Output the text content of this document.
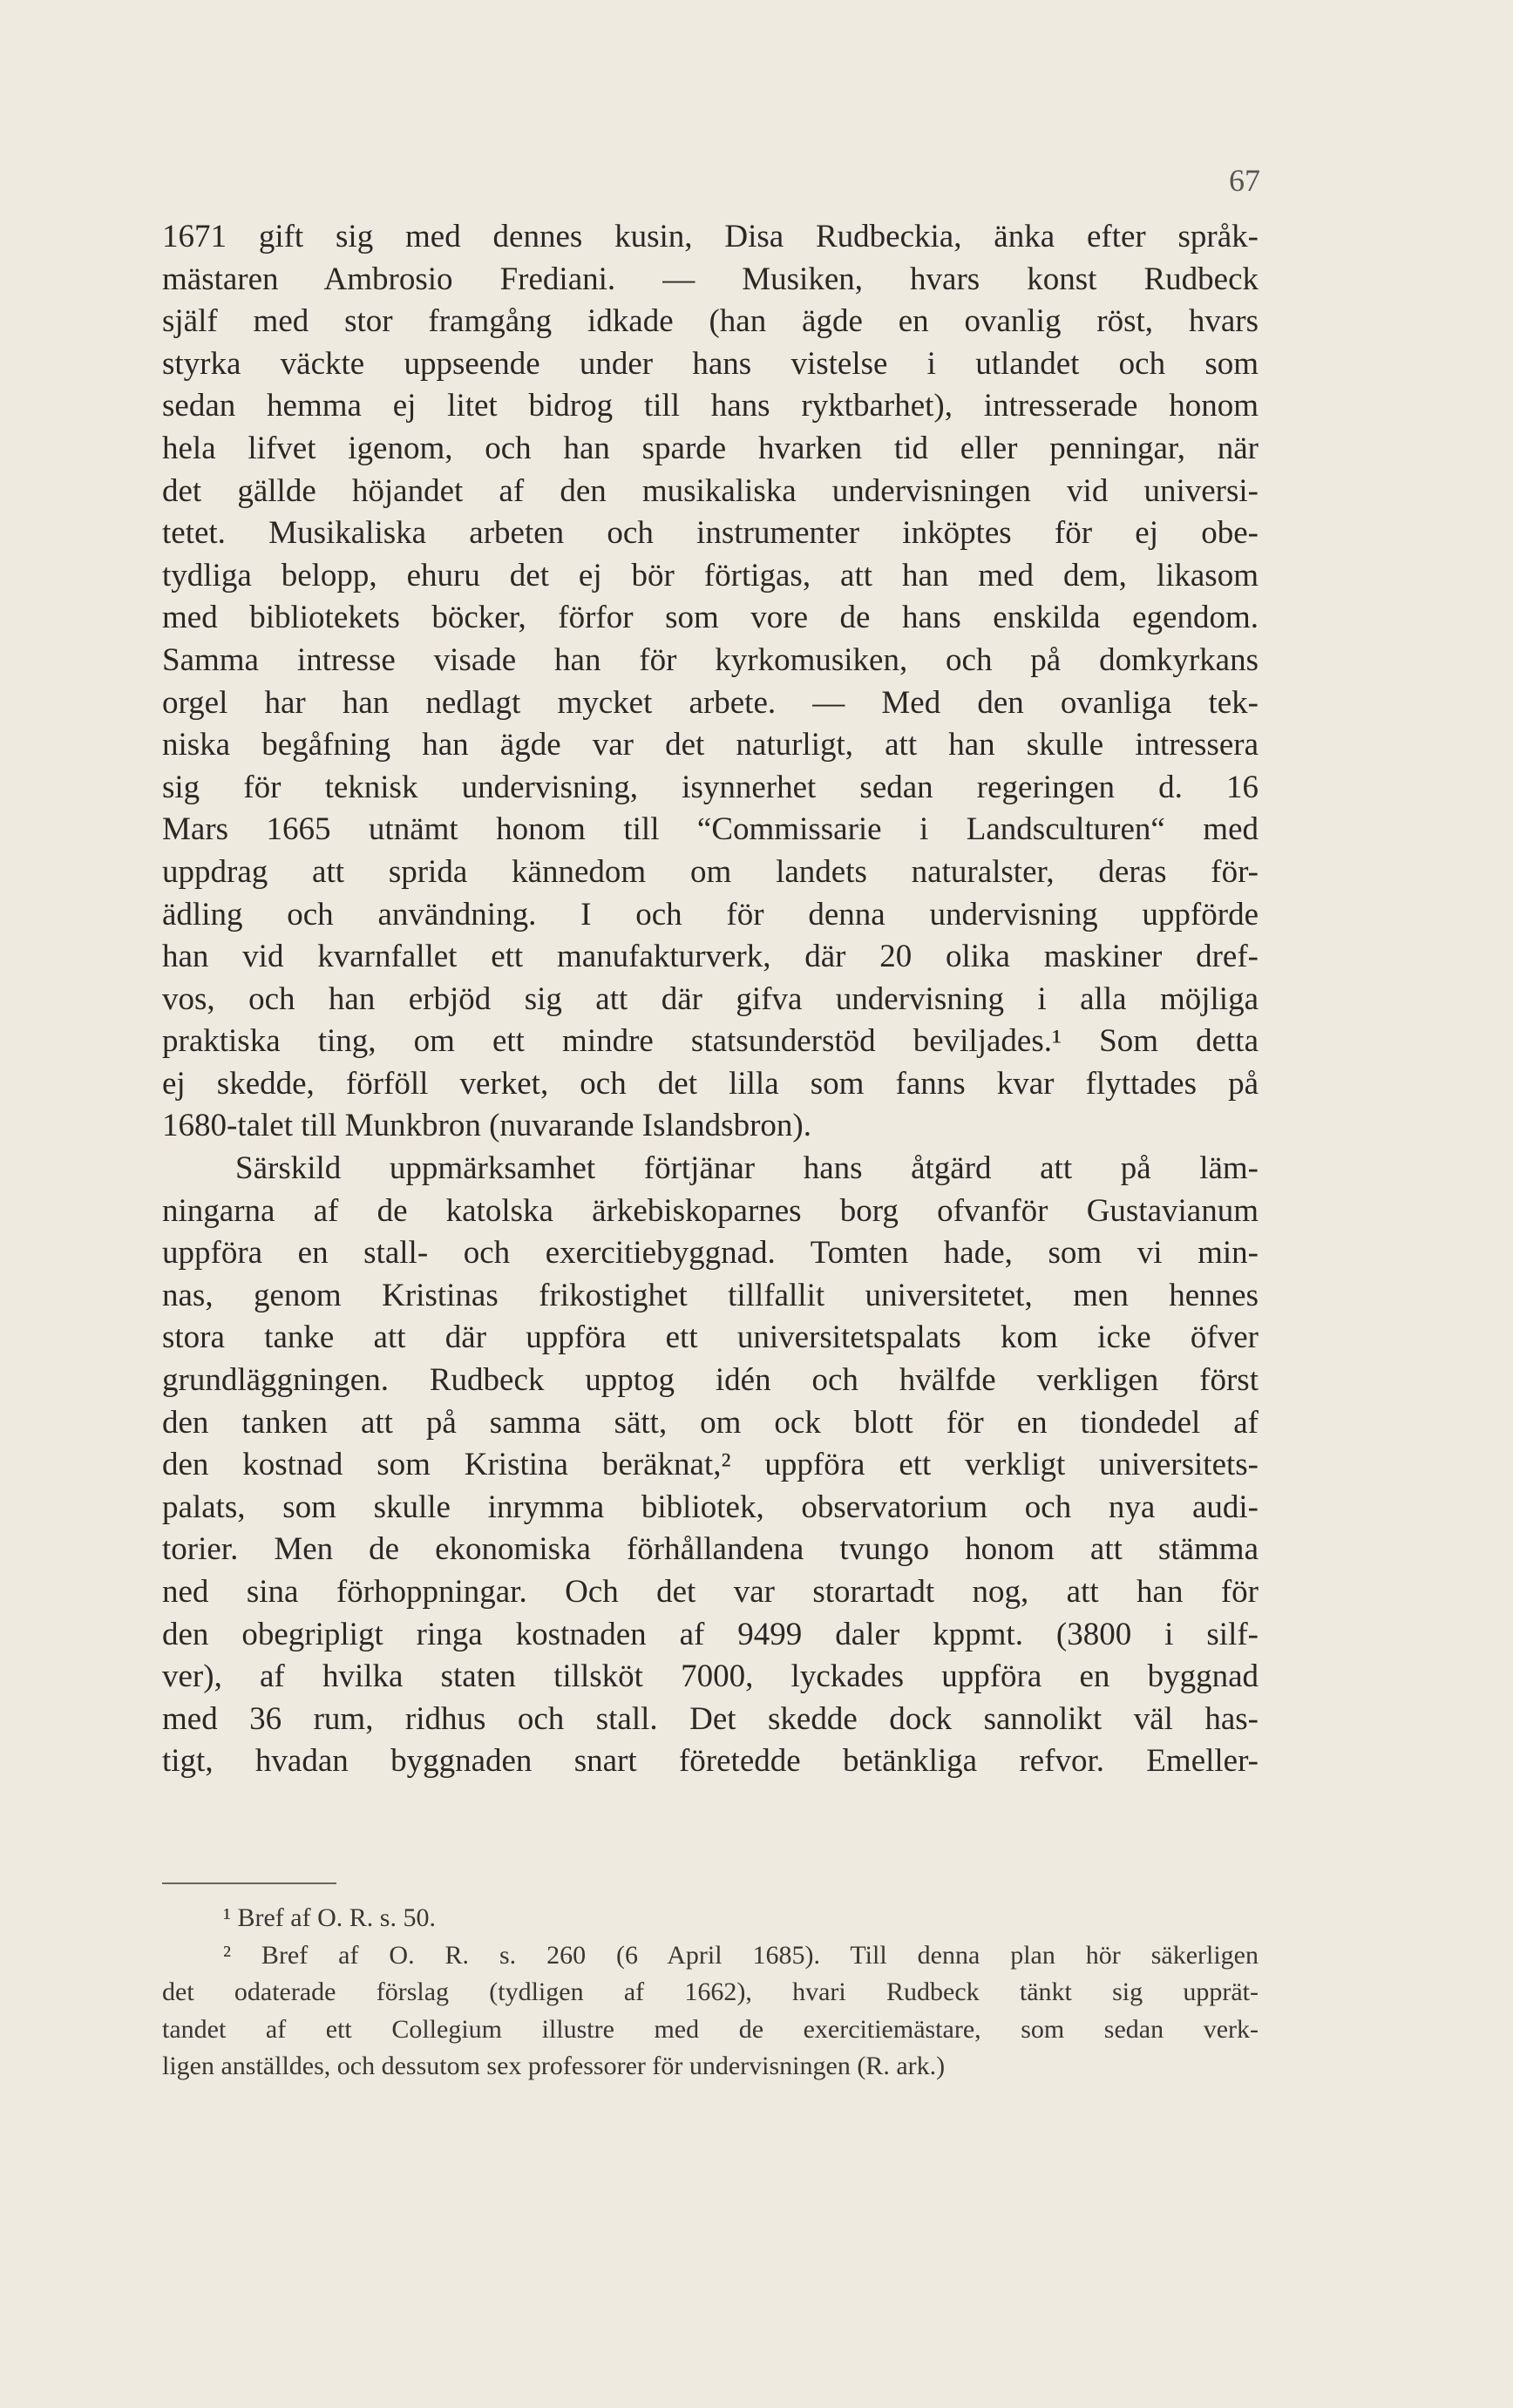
67
1671 gift sig med dennes kusin, Disa Rudbeckia, änka efter språk-
mästaren Ambrosio Frediani. — Musiken, hvars konst Rudbeck
själf med stor framgång idkade (han ägde en ovanlig röst, hvars
styrka väckte uppseende under hans vistelse i utlandet och som
sedan hemma ej litet bidrog till hans ryktbarhet), intresserade honom
hela lifvet igenom, och han sparde hvarken tid eller penningar, när
det gällde höjandet af den musikaliska undervisningen vid universi-
tetet. Musikaliska arbeten och instrumenter inköptes för ej obe-
tydliga belopp, ehuru det ej bör förtigas, att han med dem, likasom
med bibliotekets böcker, förfor som vore de hans enskilda egendom.
Samma intresse visade han för kyrkomusiken, och på domkyrkans
orgel har han nedlagt mycket arbete. — Med den ovanliga tek-
niska begåfning han ägde var det naturligt, att han skulle intressera
sig för teknisk undervisning, isynnerhet sedan regeringen d. 16
Mars 1665 utnämt honom till “Commissarie i Landsculturen“ med
uppdrag att sprida kännedom om landets naturalster, deras för-
ädling och användning. I och för denna undervisning uppförde
han vid kvarnfallet ett manufakturverk, där 20 olika maskiner dref-
vos, och han erbjöd sig att där gifva undervisning i alla möjliga
praktiska ting, om ett mindre statsunderstöd beviljades.¹ Som detta
ej skedde, förföll verket, och det lilla som fanns kvar flyttades på
1680-talet till Munkbron (nuvarande Islandsbron).
Särskild uppmärksamhet förtjänar hans åtgärd att på läm-
ningarna af de katolska ärkebiskoparnes borg ofvanför Gustavianum
uppföra en stall- och exercitiebyggnad. Tomten hade, som vi min-
nas, genom Kristinas frikostighet tillfallit universitetet, men hennes
stora tanke att där uppföra ett universitetspalats kom icke öfver
grundläggningen. Rudbeck upptog idén och hvälfde verkligen först
den tanken att på samma sätt, om ock blott för en tiondedel af
den kostnad som Kristina beräknat,² uppföra ett verkligt universitets-
palats, som skulle inrymma bibliotek, observatorium och nya audi-
torier. Men de ekonomiska förhållandena tvungo honom att stämma
ned sina förhoppningar. Och det var storartadt nog, att han för
den obegripligt ringa kostnaden af 9499 daler kppmt. (3800 i silf-
ver), af hvilka staten tillsköt 7000, lyckades uppföra en byggnad
med 36 rum, ridhus och stall. Det skedde dock sannolikt väl has-
tigt, hvadan byggnaden snart företedde betänkliga refvor. Emeller-
¹ Bref af O. R. s. 50.
² Bref af O. R. s. 260 (6 April 1685). Till denna plan hör säkerligen
det odaterade förslag (tydligen af 1662), hvari Rudbeck tänkt sig upprät-
tandet af ett Collegium illustre med de exercitiemästare, som sedan verk-
ligen anställdes, och dessutom sex professorer för undervisningen (R. ark.)
